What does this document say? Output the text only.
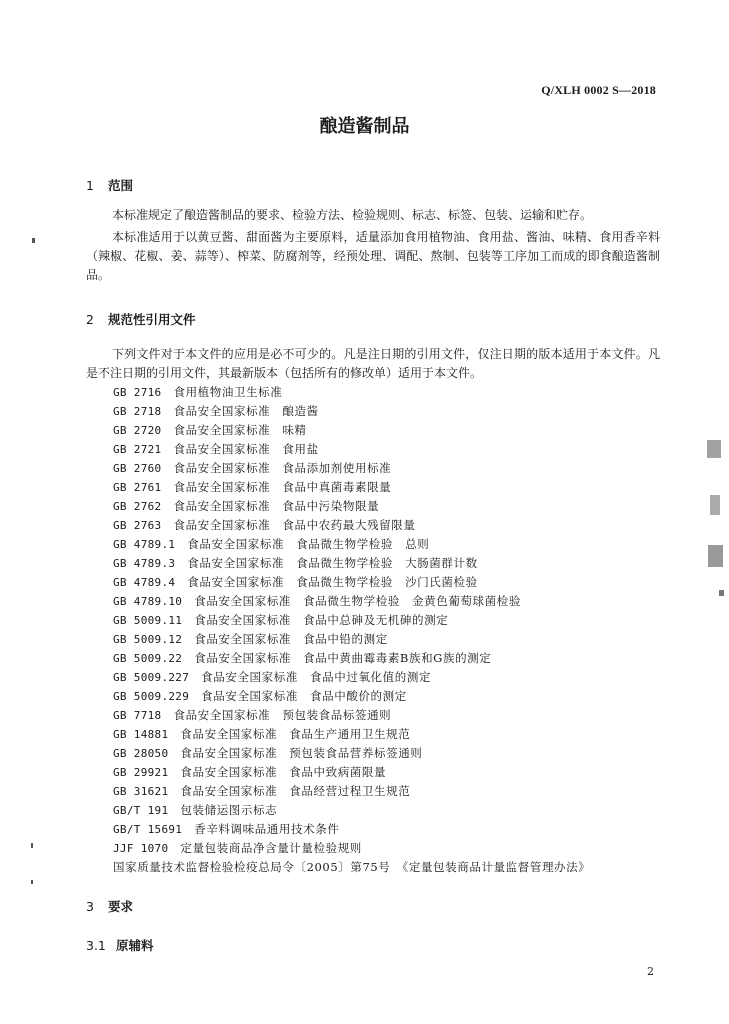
Q/XLH 0002 S—2018
酿造酱制品
1 范围
本标准规定了酿造酱制品的要求、检验方法、检验规则、标志、标签、包装、运输和贮存。
本标准适用于以黄豆酱、甜面酱为主要原料，适量添加食用植物油、食用盐、酱油、味精、食用香辛料（辣椒、花椒、姜、蒜等）、榨菜、防腐剂等，经预处理、调配、熬制、包装等工序加工而成的即食酿造酱制品。
2 规范性引用文件
下列文件对于本文件的应用是必不可少的。凡是注日期的引用文件，仅注日期的版本适用于本文件。凡是不注日期的引用文件，其最新版本（包括所有的修改单）适用于本文件。
GB 2716 食用植物油卫生标准
GB 2718 食品安全国家标准　酿造酱
GB 2720 食品安全国家标准　味精
GB 2721 食品安全国家标准　食用盐
GB 2760 食品安全国家标准　食品添加剂使用标准
GB 2761 食品安全国家标准　食品中真菌毒素限量
GB 2762 食品安全国家标准　食品中污染物限量
GB 2763 食品安全国家标准　食品中农药最大残留限量
GB 4789.1 食品安全国家标准　食品微生物学检验　总则
GB 4789.3 食品安全国家标准　食品微生物学检验　大肠菌群计数
GB 4789.4 食品安全国家标准　食品微生物学检验　沙门氏菌检验
GB 4789.10 食品安全国家标准　食品微生物学检验　金黄色葡萄球菌检验
GB 5009.11 食品安全国家标准　食品中总砷及无机砷的测定
GB 5009.12 食品安全国家标准　食品中铅的测定
GB 5009.22 食品安全国家标准　食品中黄曲霉毒素B族和G族的测定
GB 5009.227 食品安全国家标准　食品中过氧化值的测定
GB 5009.229 食品安全国家标准　食品中酸价的测定
GB 7718 食品安全国家标准　预包装食品标签通则
GB 14881 食品安全国家标准　食品生产通用卫生规范
GB 28050 食品安全国家标准　预包装食品营养标签通则
GB 29921 食品安全国家标准　食品中致病菌限量
GB 31621 食品安全国家标准　食品经营过程卫生规范
GB/T 191 包装储运图示标志
GB/T 15691 香辛料调味品通用技术条件
JJF 1070 定量包装商品净含量计量检验规则
国家质量技术监督检验检疫总局令〔2005〕第75号　《定量包装商品计量监督管理办法》
3 要求
3.1 原辅料
2
